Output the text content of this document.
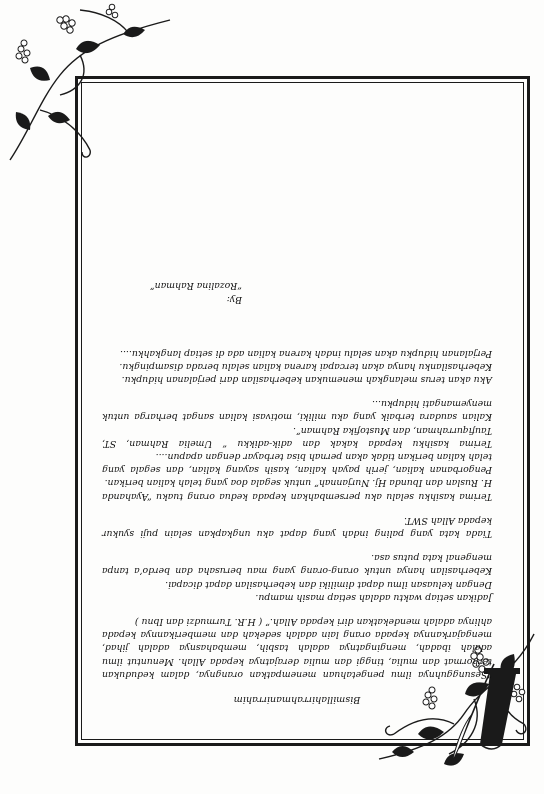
Bismillahirrahmanirrahim

“Sesungguhnya ilmu pengetahuan menempatkan orangnya, dalam kedudukan terhormat dan mulia, tinggi dan mulia derajatnya kepada Allah. Menuntut ilmu adalah ibadah, mengingatnya adalah tasbih, membahasnya adalah jihad, mengajarkannya kepada orang lain adalah sedekah dan memberikannya kepada ahlinya adalah mendekatkan diri kepada Allah.” ( H.R. Turmudzi dan Ibnu )

Jadikan setiap waktu adalah setiap masih mampu.
Dengan keluasan ilmu dapat dimiliki dan keberhasilan dapat dicapai.
Keberhasilan hanya untuk orang-orang yang mau berusaha dan berdo’a tanpa mengenal kata putus asa.

Tiada kata yang paling indah yang dapat aku ungkapkan selain puji syukur kepada Allah SWT.

Terima kasihku selalu aku persembahkan kepada kedua orang tuaku “Ayahanda H. Ruslan dan Ibunda Hj. Nurjannah” untuk segala doa yang telah kalian berikan.
Pengorbanan kalian, jerih payah kalian, kasih sayang kalian, dan segala yang telah kalian berikan tidak akan pernah bisa terbayar dengan apapun....
Terima kasihku kepada kakak dan adik-adikku “ Umelia Rahman, ST, Taufiqurrahman, dan Mustofika Rahman”.
Kalian saudara terbaik yang aku miliki, motivasi kalian sangat berharga untuk menyemangati hidupku...

Aku akan terus melangkah menemukan keberhasilan dari perjalanan hidupku.
Keberhasilanku hanya akan tercapai karena kalian selalu berada disampingku.
Perjalanan hidupku akan selalu indah karena kalian ada di setiap langkahku....

By:
“Rozalina Rahman”
